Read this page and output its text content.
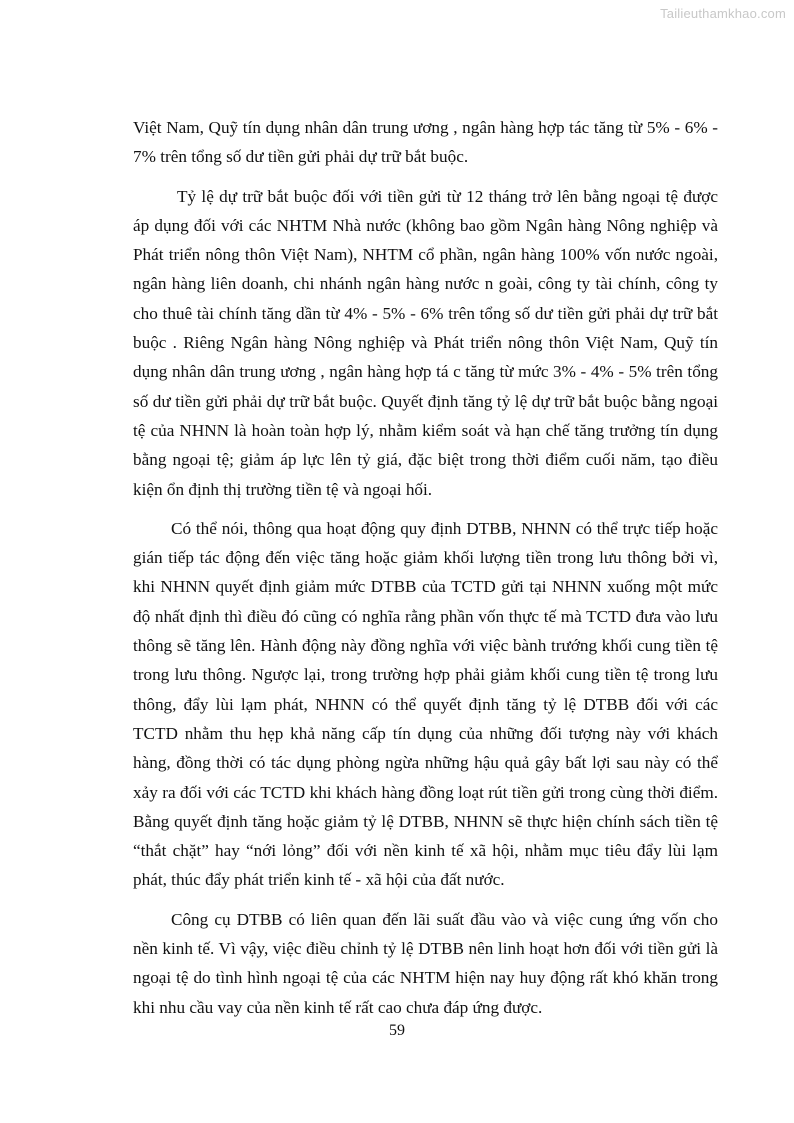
Tailieuthamkhao.com

Việt Nam, Quỹ tín dụng nhân dân trung ương , ngân hàng hợp tác tăng từ 5% - 6% - 7% trên tổng số dư tiền gửi phải dự trữ bắt buộc.

Tỷ lệ dự trữ bắt buộc đối với tiền gửi từ 12 tháng trở lên bằng ngoại tệ được áp dụng đối với các NHTM Nhà nước (không bao gồm Ngân hàng Nông nghiệp và Phát triển nông thôn Việt Nam), NHTM cổ phần, ngân hàng 100% vốn nước ngoài, ngân hàng liên doanh, chi nhánh ngân hàng nước n goài, công ty tài chính, công ty cho thuê tài chính tăng dần từ 4% - 5% - 6% trên tổng số dư tiền gửi phải dự trữ bắt buộc . Riêng Ngân hàng Nông nghiệp và Phát triển nông thôn Việt Nam, Quỹ tín dụng nhân dân trung ương , ngân hàng hợp tá c tăng từ mức 3% - 4% - 5% trên tổng số dư tiền gửi phải dự trữ bắt buộc. Quyết định tăng tỷ lệ dự trữ bắt buộc bằng ngoại tệ của NHNN là hoàn toàn hợp lý, nhằm kiểm soát và hạn chế tăng trưởng tín dụng bằng ngoại tệ; giảm áp lực lên tỷ giá, đặc biệt trong thời điểm cuối năm, tạo điều kiện ổn định thị trường tiền tệ và ngoại hối.

Có thể nói, thông qua hoạt động quy định DTBB, NHNN có thể trực tiếp hoặc gián tiếp tác động đến việc tăng hoặc giảm khối lượng tiền trong lưu thông bởi vì, khi NHNN quyết định giảm mức DTBB của TCTD gửi tại NHNN xuống một mức độ nhất định thì điều đó cũng có nghĩa rằng phần vốn thực tế mà TCTD đưa vào lưu thông sẽ tăng lên. Hành động này đồng nghĩa với việc bành trướng khối cung tiền tệ trong lưu thông. Ngược lại, trong trường hợp phải giảm khối cung tiền tệ trong lưu thông, đẩy lùi lạm phát, NHNN có thể quyết định tăng tỷ lệ DTBB đối với các TCTD nhằm thu hẹp khả năng cấp tín dụng của những đối tượng này với khách hàng, đồng thời có tác dụng phòng ngừa những hậu quả gây bất lợi sau này có thể xảy ra đối với các TCTD khi khách hàng đồng loạt rút tiền gửi trong cùng thời điểm. Bằng quyết định tăng hoặc giảm tỷ lệ DTBB, NHNN sẽ thực hiện chính sách tiền tệ “thắt chặt” hay “nới lỏng” đối với nền kinh tế xã hội, nhằm mục tiêu đẩy lùi lạm phát, thúc đẩy phát triển kinh tế - xã hội của đất nước.

Công cụ DTBB có liên quan đến lãi suất đầu vào và việc cung ứng vốn cho nền kinh tế. Vì vậy, việc điều chỉnh tỷ lệ DTBB nên linh hoạt hơn đối với tiền gửi là ngoại tệ do tình hình ngoại tệ của các NHTM hiện nay huy động rất khó khăn trong khi nhu cầu vay của nền kinh tế rất cao chưa đáp ứng được.

59
